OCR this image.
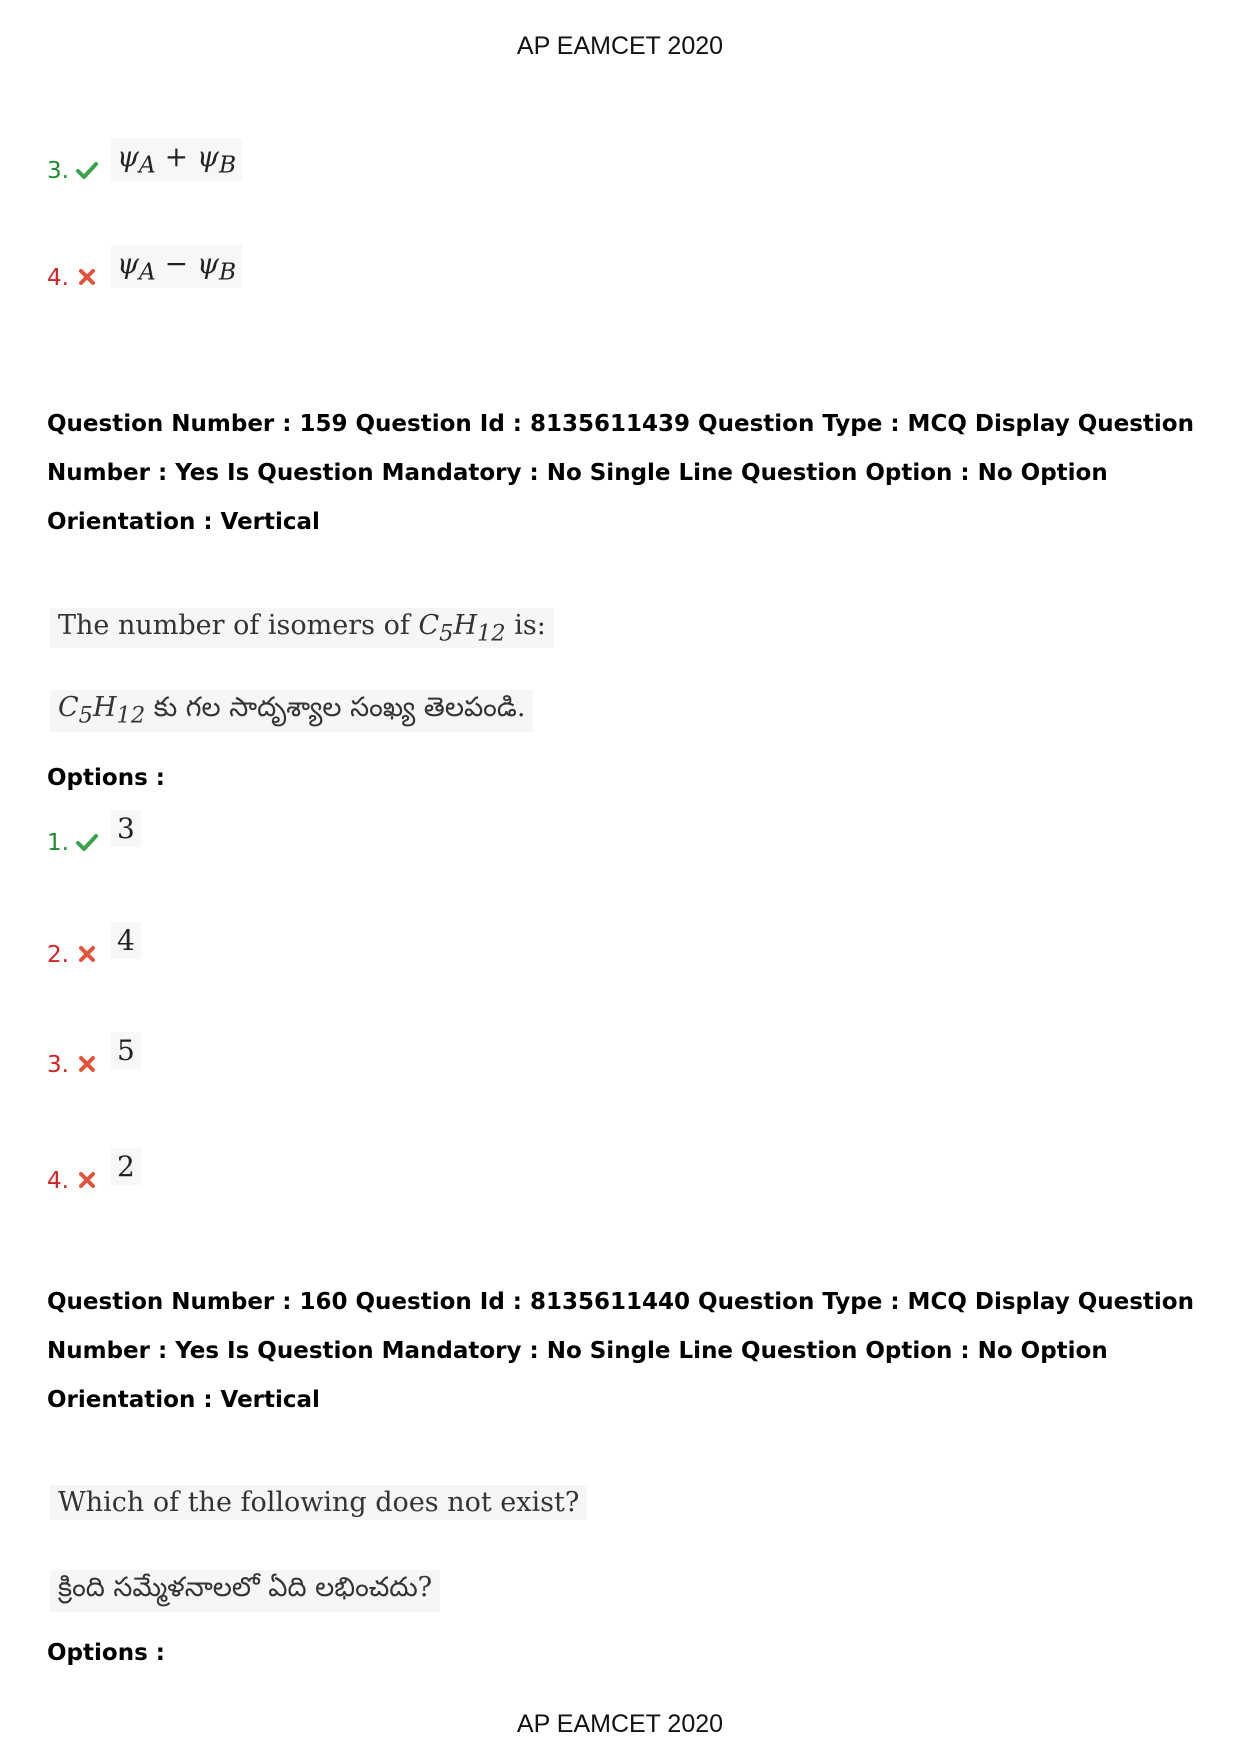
AP EAMCET 2020
3. $\psi_A + \psi_B$
4. $\psi_A - \psi_B$
Question Number : 159 Question Id : 8135611439 Question Type : MCQ Display Question Number : Yes Is Question Mandatory : No Single Line Question Option : No Option Orientation : Vertical
The number of isomers of $C_5H_{12}$ is:
$C_5H_{12}$ కు గల సాదృశ్యాల సంఖ్య తెలపండి.
Options :
1. 3
2. 4
3. 5
4. 2
Question Number : 160 Question Id : 8135611440 Question Type : MCQ Display Question Number : Yes Is Question Mandatory : No Single Line Question Option : No Option Orientation : Vertical
Which of the following does not exist?
క్రింది సమ్మేళనాలలో ఏది లభించదు?
Options :
AP EAMCET 2020
